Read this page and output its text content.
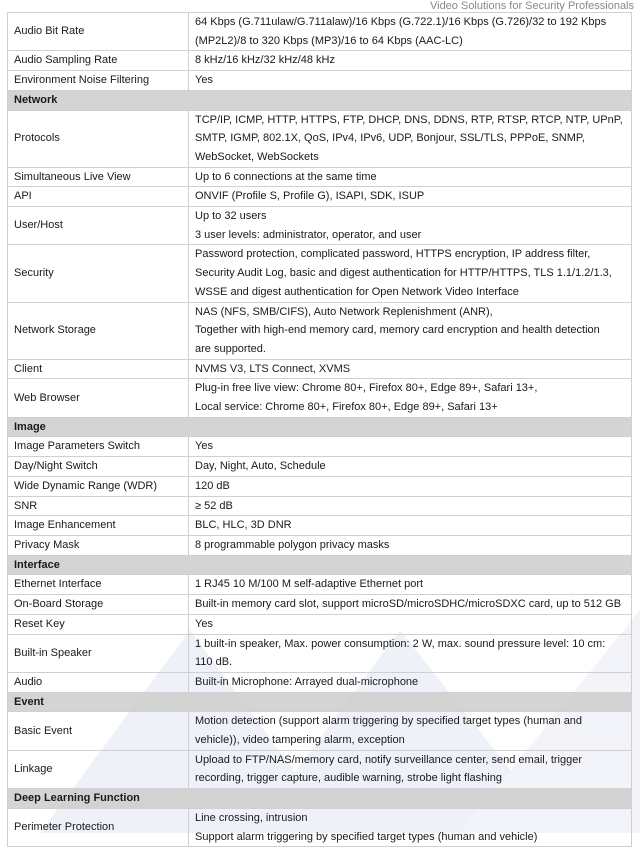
Video Solutions for Security Professionals
Audio Bit Rate	64 Kbps (G.711ulaw/G.711alaw)/16 Kbps (G.722.1)/16 Kbps (G.726)/32 to 192 Kbps
(MP2L2)/8 to 320 Kbps (MP3)/16 to 64 Kbps (AAC-LC)

Audio Sampling Rate	8 kHz/16 kHz/32 kHz/48 kHz

Environment Noise Filtering	Yes

Network	
Protocols	TCP/IP, ICMP, HTTP, HTTPS, FTP, DHCP, DNS, DDNS, RTP, RTSP, RTCP, NTP, UPnP,
SMTP, IGMP, 802.1X, QoS, IPv4, IPv6, UDP, Bonjour, SSL/TLS, PPPoE, SNMP,
WebSocket, WebSockets

Simultaneous Live View	Up to 6 connections at the same time

API	ONVIF (Profile S, Profile G), ISAPI, SDK, ISUP

User/Host	Up to 32 users
3 user levels: administrator, operator, and user

Security	Password protection, complicated password, HTTPS encryption, IP address filter,
Security Audit Log, basic and digest authentication for HTTP/HTTPS, TLS 1.1/1.2/1.3,
WSSE and digest authentication for Open Network Video Interface

Network Storage	NAS (NFS, SMB/CIFS), Auto Network Replenishment (ANR),
Together with high-end memory card, memory card encryption and health detection
are supported.

Client	NVMS V3, LTS Connect, XVMS

Web Browser	Plug-in free live view: Chrome 80+, Firefox 80+, Edge 89+, Safari 13+,
Local service: Chrome 80+, Firefox 80+, Edge 89+, Safari 13+

Image	
Image Parameters Switch	Yes

Day/Night Switch	Day, Night, Auto, Schedule

Wide Dynamic Range (WDR)	120 dB

SNR	≥ 52 dB

Image Enhancement	BLC, HLC, 3D DNR

Privacy Mask	8 programmable polygon privacy masks

Interface	
Ethernet Interface	1 RJ45 10 M/100 M self-adaptive Ethernet port

On-Board Storage	Built-in memory card slot, support microSD/microSDHC/microSDXC card, up to 512 GB

Reset Key	Yes

Built-in Speaker	1 built-in speaker, Max. power consumption: 2 W, max. sound pressure level: 10 cm:
110 dB.

Audio	Built-in Microphone: Arrayed dual-microphone

Event	
Basic Event	Motion detection (support alarm triggering by specified target types (human and
vehicle)), video tampering alarm, exception

Linkage	Upload to FTP/NAS/memory card, notify surveillance center, send email, trigger
recording, trigger capture, audible warning, strobe light flashing

Deep Learning Function	
Perimeter Protection	Line crossing, intrusion
Support alarm triggering by specified target types (human and vehicle)
